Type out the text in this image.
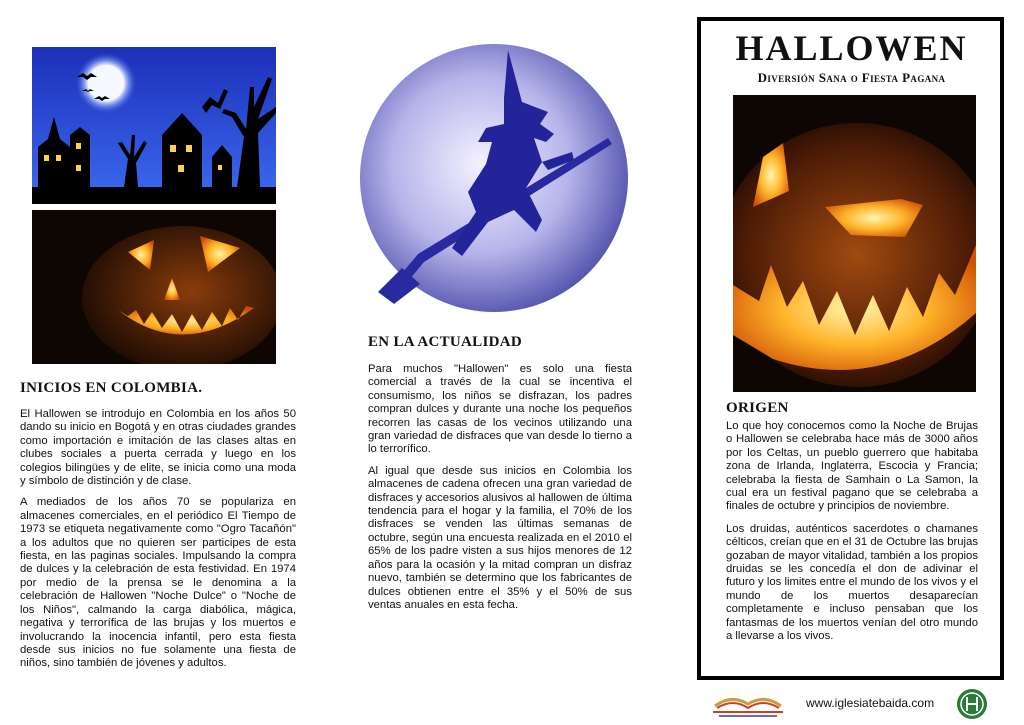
INICIOS EN COLOMBIA.

El Hallowen se introdujo en Colombia en los años 50 dando su inicio en Bogotá y en otras ciudades grandes como importación e imitación de las clases altas en clubes sociales a puerta cerrada y luego en los colegios bilingües y de elite, se inicia como una moda y símbolo de distinción y de clase.

A mediados de los años 70 se populariza en almacenes comerciales, en el periódico El Tiempo de 1973 se etiqueta negativamente como "Ogro Tacañón" a los adultos que no quieren ser participes de esta fiesta, en las paginas sociales. Impulsando la compra de dulces y la celebración de esta festividad. En 1974 por medio de la prensa se le denomina a la celebración de Hallowen "Noche Dulce" o "Noche de los Niños", calmando la carga diabólica, mágica, negativa y terrorífica de las brujas y los muertos e involucrando la inocencia infantil, pero esta fiesta desde sus inicios no fue solamente una fiesta de niños, sino también de jóvenes y adultos.

EN LA ACTUALIDAD

Para muchos "Hallowen" es solo una fiesta comercial a través de la cual se incentiva el consumismo, los niños se disfrazan, los padres compran dulces y durante una noche los pequeños recorren las casas de los vecinos utilizando una gran variedad de disfraces que van desde lo tierno a lo terrorífico.

Al igual que desde sus inicios en Colombia los almacenes de cadena ofrecen una gran variedad de disfraces y accesorios alusivos al hallowen de última tendencia para el hogar y la familia, el 70% de los disfraces se venden las últimas semanas de octubre, según una encuesta realizada en el 2010 el 65% de los padre visten a sus hijos menores de 12 años para la ocasión y la mitad compran un disfraz nuevo, también se determino que los fabricantes de dulces obtienen entre el 35% y el 50% de sus ventas anuales en esta fecha.

HALLOWEN
Diversión Sana o Fiesta Pagana
ORIGEN

Lo que hoy conocemos como la Noche de Brujas o Hallowen se celebraba hace más de 3000 años por los Celtas, un pueblo guerrero que habitaba zona de Irlanda, Inglaterra, Escocia y Francia; celebraba la fiesta de Samhain o La Samon, la cual era un festival pagano que se celebraba a finales de octubre y principios de noviembre.

Los druidas, auténticos sacerdotes o chamanes célticos, creían que en el 31 de Octubre las brujas gozaban de mayor vitalidad, también a los propios druidas se les concedía el don de adivinar el futuro y los limites entre el mundo de los vivos y el mundo de los muertos desaparecían completamente e incluso pensaban que los fantasmas de los muertos venían del otro mundo a llevarse a los vivos.

www.iglesiatebaida.com
